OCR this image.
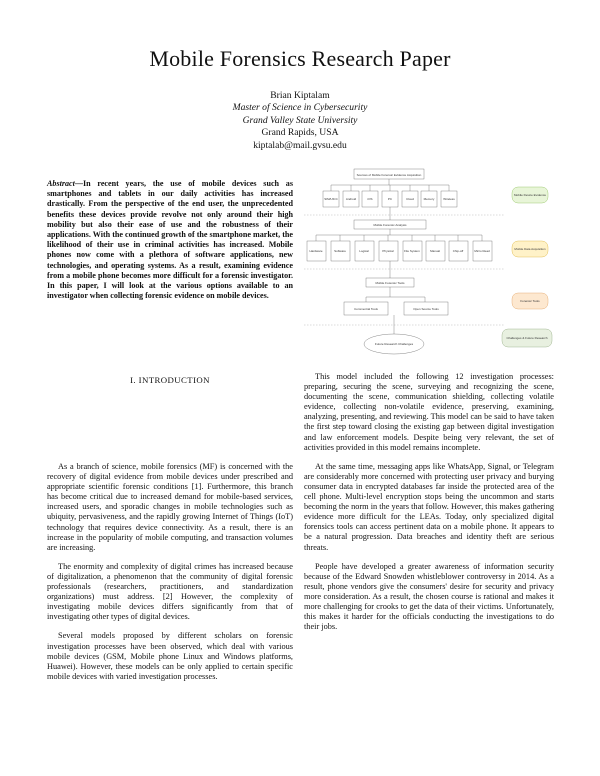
Mobile Forensics Research Paper
Brian Kiptalam
Master of Science in Cybersecurity
Grand Valley State University
Grand Rapids, USA
kiptalab@mail.gvsu.edu
Abstract—In recent years, the use of mobile devices such as smartphones and tablets in our daily activities has increased drastically. From the perspective of the end user, the unprecedented benefits these devices provide revolve not only around their high mobility but also their ease of use and the robustness of their applications. With the continued growth of the smartphone market, the likelihood of their use in criminal activities has increased. Mobile phones now come with a plethora of software applications, new technologies, and operating systems. As a result, examining evidence from a mobile phone becomes more difficult for a forensic investigator. In this paper, I will look at the various options available to an investigator when collecting forensic evidence on mobile devices.
I. INTRODUCTION

As a branch of science, mobile forensics (MF) is concerned with the recovery of digital evidence from mobile devices under prescribed and appropriate scientific forensic conditions [1]. Furthermore, this branch has become critical due to increased demand for mobile-based services, increased users, and sporadic changes in mobile technologies such as ubiquity, pervasiveness, and the rapidly growing Internet of Things (IoT) technology that requires device connectivity. As a result, there is an increase in the popularity of mobile computing, and transaction volumes are increasing.

The enormity and complexity of digital crimes has increased because of digitalization, a phenomenon that the community of digital forensic professionals (researchers, practitioners, and standardization organizations) must address. [2] However, the complexity of investigating mobile devices differs significantly from that of investigating other types of digital devices.

Several models proposed by different scholars on forensic investigation processes have been observed, which deal with various mobile devices (GSM, Mobile phone Linux and Windows platforms, Huawei). However, these models can be only applied to certain specific mobile devices with varied investigation processes.

This model included the following 12 investigation processes: preparing, securing the scene, surveying and recognizing the scene, documenting the scene, communication shielding, collecting volatile evidence, collecting non-volatile evidence, preserving, examining, analyzing, presenting, and reviewing. This model can be said to have taken the first step toward closing the existing gap between digital investigation and law enforcement models. Despite being very relevant, the set of activities provided in this model remains incomplete.

At the same time, messaging apps like WhatsApp, Signal, or Telegram are considerably more concerned with protecting user privacy and burying consumer data in encrypted databases far inside the protected area of the cell phone. Multi-level encryption stops being the uncommon and starts becoming the norm in the years that follow. However, this makes gathering evidence more difficult for the LEAs. Today, only specialized digital forensics tools can access pertinent data on a mobile phone. It appears to be a natural progression. Data breaches and identity theft are serious threats.

People have developed a greater awareness of information security because of the Edward Snowden whistleblower controversy in 2014. As a result, phone vendors give the consumers' desire for security and privacy more consideration. As a result, the chosen course is rational and makes it more challenging for crooks to get the data of their victims. Unfortunately, this makes it harder for the officials conducting the investigations to do their jobs.

Sources of Mobile Forensic Evidence Acquisition
SIM/UICC	Android	iOS	PC	Cloud	Memory	Wireless
Mobile Forensic Analysis
Hardware	Software	Logical	Physical	File System	Manual	Chip-off	Micro Read
Mobile Forensic Tools
Commercial Tools	Open Source Tools
Future Research Challenges
Mobile Device Evidence
Mobile Data Acquisition
Forensic Tools
Challenges & Future Research
